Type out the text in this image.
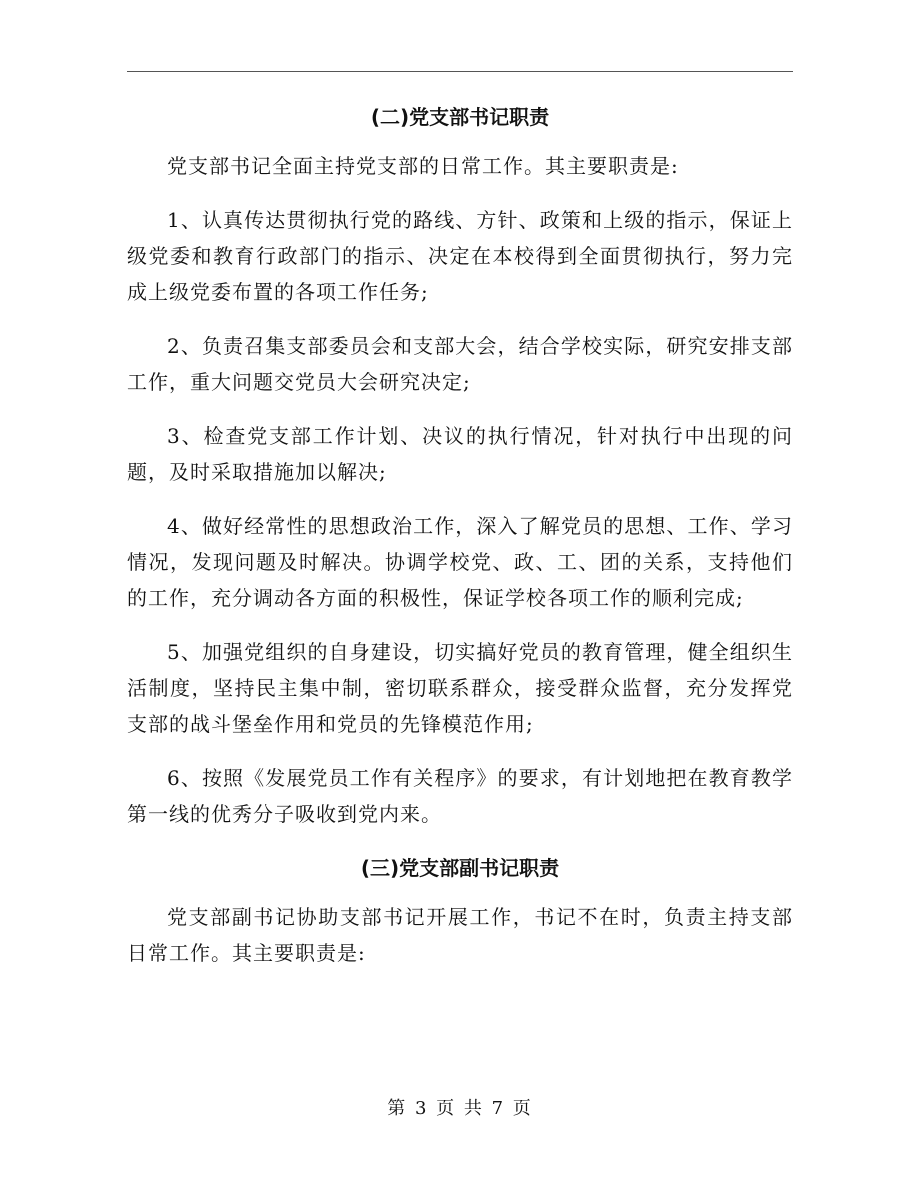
(二)党支部书记职责

党支部书记全面主持党支部的日常工作。其主要职责是:

1、认真传达贯彻执行党的路线、方针、政策和上级的指示，保证上级党委和教育行政部门的指示、决定在本校得到全面贯彻执行，努力完成上级党委布置的各项工作任务;

2、负责召集支部委员会和支部大会，结合学校实际，研究安排支部工作，重大问题交党员大会研究决定;

3、检查党支部工作计划、决议的执行情况，针对执行中出现的问题，及时采取措施加以解决;

4、做好经常性的思想政治工作，深入了解党员的思想、工作、学习情况，发现问题及时解决。协调学校党、政、工、团的关系，支持他们的工作，充分调动各方面的积极性，保证学校各项工作的顺利完成;

5、加强党组织的自身建设，切实搞好党员的教育管理，健全组织生活制度，坚持民主集中制，密切联系群众，接受群众监督，充分发挥党支部的战斗堡垒作用和党员的先锋模范作用;

6、按照《发展党员工作有关程序》的要求，有计划地把在教育教学第一线的优秀分子吸收到党内来。

(三)党支部副书记职责

党支部副书记协助支部书记开展工作，书记不在时，负责主持支部日常工作。其主要职责是:

第 3 页 共 7 页
